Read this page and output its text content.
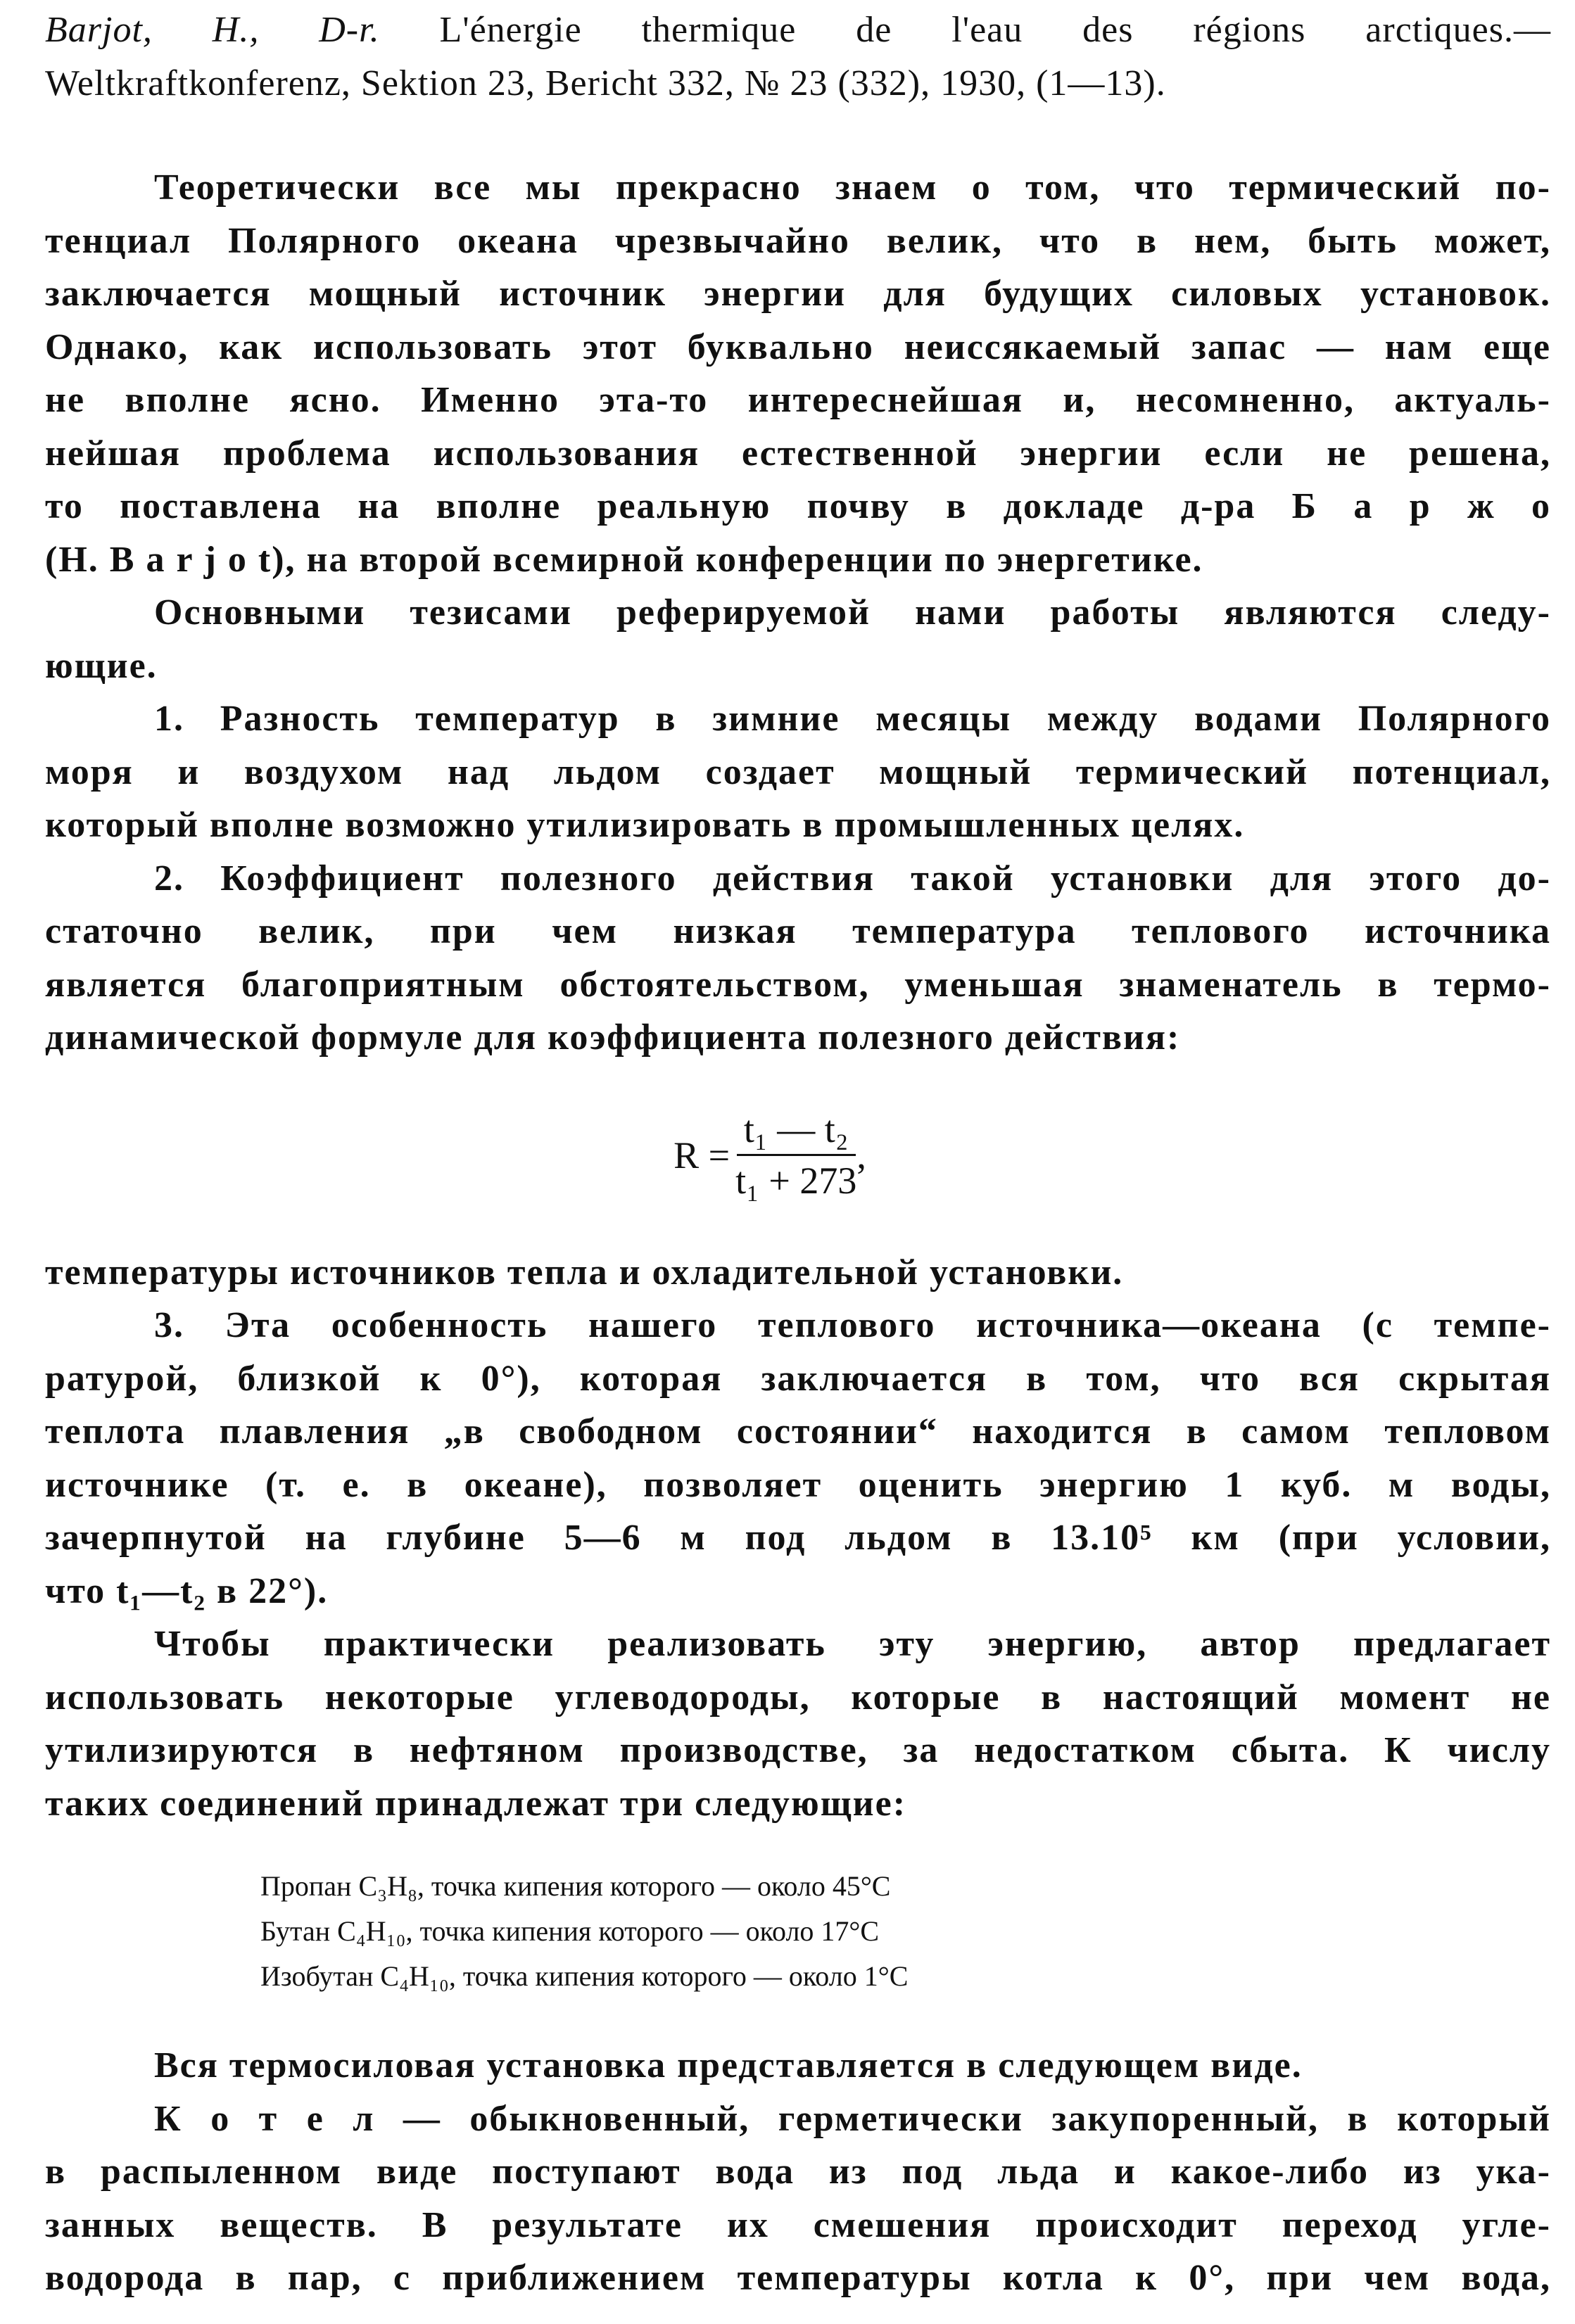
Barjot, H., D-r. L'énergie thermique de l'eau des régions arctiques.—
Weltkraftkonferenz, Sektion 23, Bericht 332, № 23 (332), 1930, (1—13).
Теоретически все мы прекрасно знаем о том, что термический по-
тенциал Полярного океана чрезвычайно велик, что в нем, быть может,
заключается мощный источник энергии для будущих силовых установок.
Однако, как использовать этот буквально неиссякаемый запас — нам еще
не вполне ясно. Именно эта-то интереснейшая и, несомненно, актуаль-
нейшая проблема использования естественной энергии если не решена,
то поставлена на вполне реальную почву в докладе д-ра Б а р ж о
(H. B a r j o t), на второй всемирной конференции по энергетике.
Основными тезисами реферируемой нами работы являются следу-
ющие.
1. Разность температур в зимние месяцы между водами Полярного
моря и воздухом над льдом создает мощный термический потенциал,
который вполне возможно утилизировать в промышленных целях.
2. Коэффициент полезного действия такой установки для этого до-
статочно велик, при чем низкая температура теплового источника
является благоприятным обстоятельством, уменьшая знаменатель в термо-
динамической формуле для коэффициента полезного действия:
$R = \frac{\text{t₁ — t₂}}{\text{t₁ + 273}}$ ,
температуры источников тепла и охладительной установки.
3. Эта особенность нашего теплового источника—океана (с темпе-
ратурой, близкой к 0°), которая заключается в том, что вся скрытая
теплота плавления „в свободном состоянии“ находится в самом тепловом
источнике (т. е. в океане), позволяет оценить энергию 1 куб. м воды,
зачерпнутой на глубине 5—6 м под льдом в 13.10⁵ км (при условии,
что t₁—t₂ в 22°).
Чтобы практически реализовать эту энергию, автор предлагает
использовать некоторые углеводороды, которые в настоящий момент не
утилизируются в нефтяном производстве, за недостатком сбыта. К числу
таких соединений принадлежат три следующие:
Пропан C₃H₈, точка кипения которого — около 45°C
Бутан C₄H₁₀, точка кипения которого — около 17°C
Изобутан C₄H₁₀, точка кипения которого — около 1°C
Вся термосиловая установка представляется в следующем виде.
К о т е л — обыкновенный, герметически закупоренный, в который
в распыленном виде поступают вода из под льда и какое-либо из ука-
занных веществ. В результате их смешения происходит переход угле-
водорода в пар, с приближением температуры котла к 0°, при чем вода,
